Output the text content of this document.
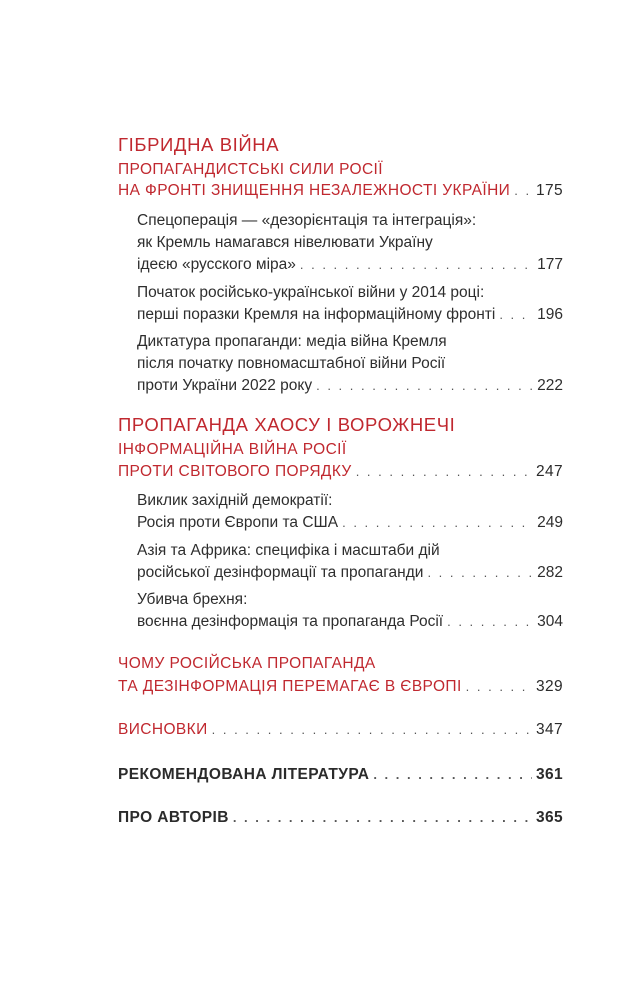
ГІБРИДНА ВІЙНА
ПРОПАГАНДИСТСЬКІ СИЛИ РОСІЇ
НА ФРОНТІ ЗНИЩЕННЯ НЕЗАЛЕЖНОСТІ УКРАЇНИ . . . 175
Спецоперація — «дезорієнтація та інтеграція»:
як Кремль намагався нівелювати Україну
ідеєю «русского міра» . . .	177
Початок російсько-української війни у 2014 році:
перші поразки Кремля на інформаційному фронті . . .	196
Диктатура пропаганди: медіа війна Кремля
після початку повномасштабної війни Росії
проти України 2022 року . . .	222
ПРОПАГАНДА ХАОСУ І ВОРОЖНЕЧІ
ІНФОРМАЦІЙНА ВІЙНА РОСІЇ
ПРОТИ СВІТОВОГО ПОРЯДКУ . . .	247
Виклик західній демократії:
Росія проти Європи та США . . .	249
Азія та Африка: специфіка і масштаби дій
російської дезінформації та пропаганди . . .	282
Убивча брехня:
воєнна дезінформація та пропаганда Росії . . .	304
ЧОМУ РОСІЙСЬКА ПРОПАГАНДА
ТА ДЕЗІНФОРМАЦІЯ ПЕРЕМАГАЄ В ЄВРОПІ . . .	329
ВИСНОВКИ . . .	347
РЕКОМЕНДОВАНА ЛІТЕРАТУРА . . .	361
ПРО АВТОРІВ . . .	365
